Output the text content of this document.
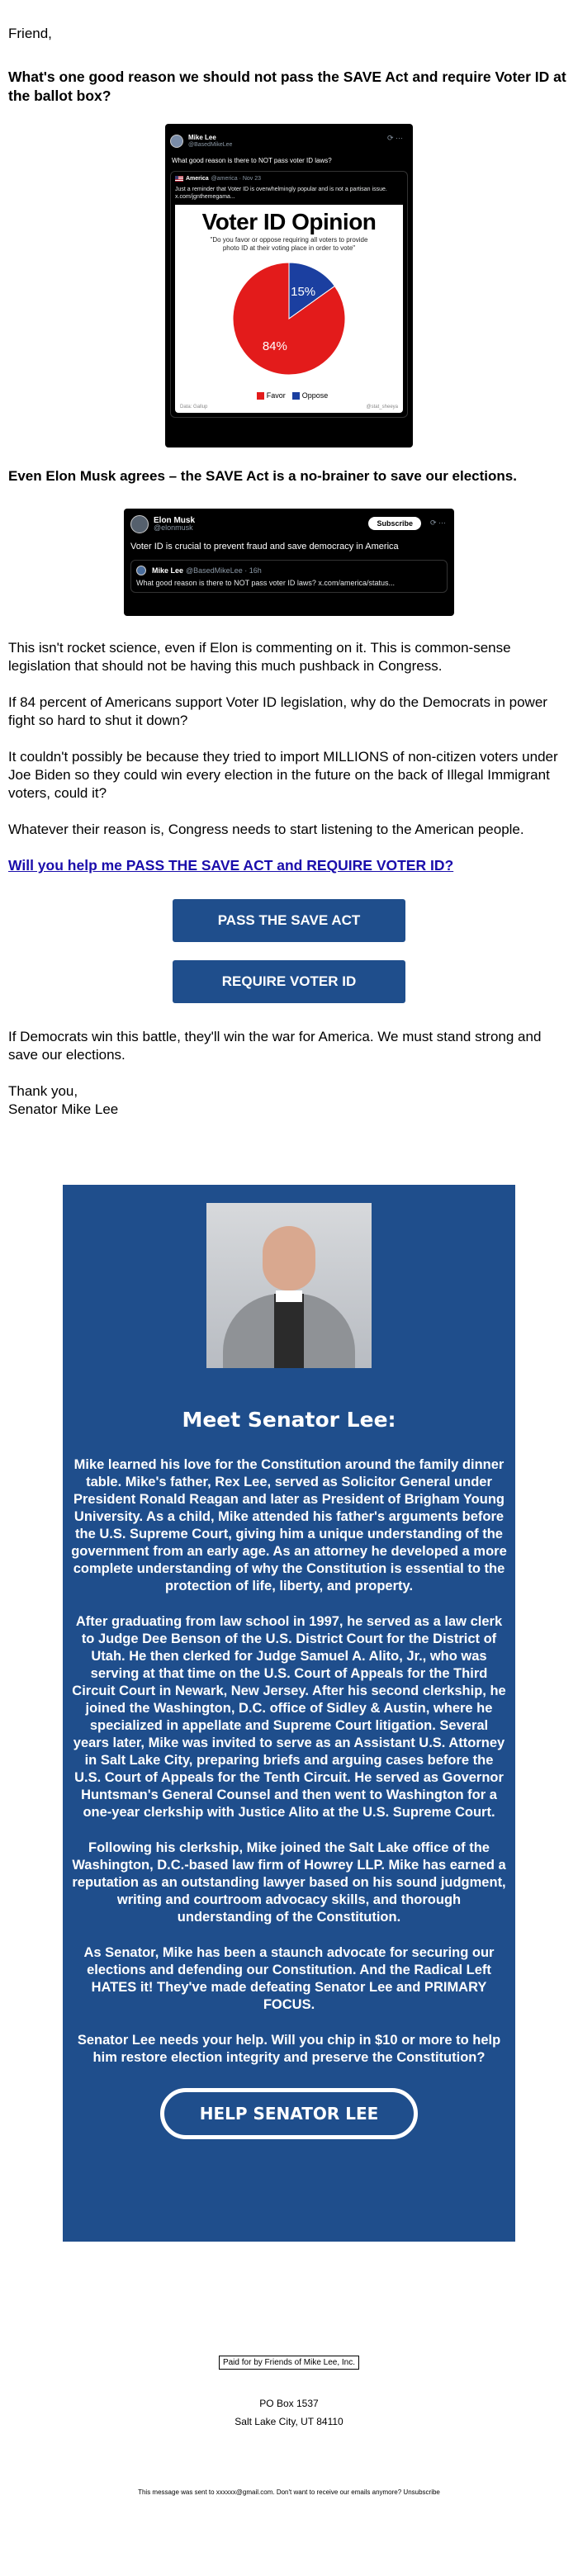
Friend,

What's one good reason we should not pass the SAVE Act and require Voter ID at the ballot box?

Mike Lee
@BasedMikeLee
⟳ ···
What good reason is there to NOT pass voter ID laws?
America @america · Nov 23
Just a reminder that Voter ID is overwhelmingly popular and is not a partisan issue. x.com/jgnthemegama...
Voter ID Opinion
"Do you favor or oppose requiring all voters to provide photo ID at their voting place in order to vote"
15%
84%
Favor Oppose
Data: Gallup	@stat_sheeya

Even Elon Musk agrees – the SAVE Act is a no-brainer to save our elections.

Elon Musk
@elonmusk	Subscribe	⟳ ···
Voter ID is crucial to prevent fraud and save democracy in America
Mike Lee @BasedMikeLee · 16h
What good reason is there to NOT pass voter ID laws? x.com/america/status...

This isn't rocket science, even if Elon is commenting on it. This is common-sense legislation that should not be having this much pushback in Congress.

If 84 percent of Americans support Voter ID legislation, why do the Democrats in power fight so hard to shut it down?

It couldn't possibly be because they tried to import MILLIONS of non-citizen voters under Joe Biden so they could win every election in the future on the back of Illegal Immigrant voters, could it?

Whatever their reason is, Congress needs to start listening to the American people.

Will you help me PASS THE SAVE ACT and REQUIRE VOTER ID?
PASS THE SAVE ACT
REQUIRE VOTER ID

If Democrats win this battle, they'll win the war for America. We must stand strong and save our elections.

Thank you,

Senator Mike Lee

Meet Senator Lee:

Mike learned his love for the Constitution around the family dinner table. Mike's father, Rex Lee, served as Solicitor General under President Ronald Reagan and later as President of Brigham Young University. As a child, Mike attended his father's arguments before the U.S. Supreme Court, giving him a unique understanding of the government from an early age. As an attorney he developed a more complete understanding of why the Constitution is essential to the protection of life, liberty, and property.

After graduating from law school in 1997, he served as a law clerk to Judge Dee Benson of the U.S. District Court for the District of Utah. He then clerked for Judge Samuel A. Alito, Jr., who was serving at that time on the U.S. Court of Appeals for the Third Circuit Court in Newark, New Jersey. After his second clerkship, he joined the Washington, D.C. office of Sidley & Austin, where he specialized in appellate and Supreme Court litigation. Several years later, Mike was invited to serve as an Assistant U.S. Attorney in Salt Lake City, preparing briefs and arguing cases before the U.S. Court of Appeals for the Tenth Circuit. He served as Governor Huntsman's General Counsel and then went to Washington for a one-year clerkship with Justice Alito at the U.S. Supreme Court.

Following his clerkship, Mike joined the Salt Lake office of the Washington, D.C.-based law firm of Howrey LLP. Mike has earned a reputation as an outstanding lawyer based on his sound judgment, writing and courtroom advocacy skills, and thorough understanding of the Constitution.

As Senator, Mike has been a staunch advocate for securing our elections and defending our Constitution. And the Radical Left HATES it! They've made defeating Senator Lee and PRIMARY FOCUS.

Senator Lee needs your help. Will you chip in $10 or more to help him restore election integrity and preserve the Constitution?

HELP SENATOR LEE
Paid for by Friends of Mike Lee, Inc.
PO Box 1537
Salt Lake City, UT 84110
This message was sent to xxxxxx@gmail.com. Don't want to receive our emails anymore? Unsubscribe
